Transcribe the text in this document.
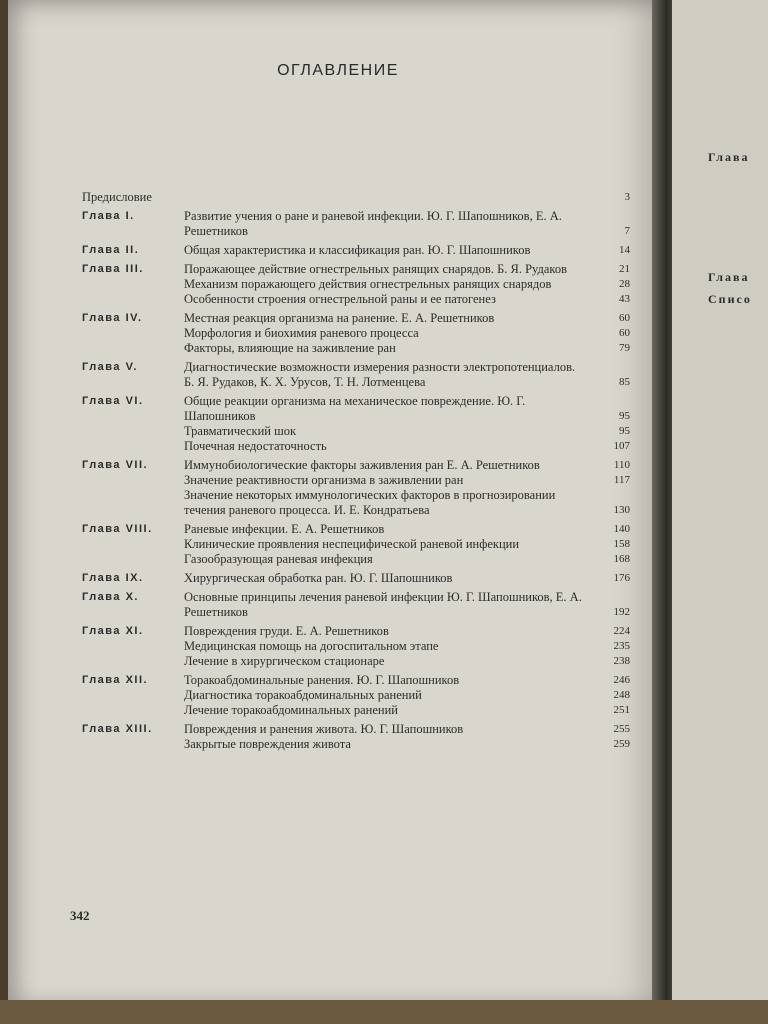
ОГЛАВЛЕНИЕ
Предисловие	3
Глава I.	Развитие учения о ране и раневой инфекции. Ю. Г. Шапошников, Е. А. Решетников	7
Глава II.	Общая характеристика и классификация ран. Ю. Г. Шапошников	14
Глава III.	Поражающее действие огнестрельных ранящих снарядов. Б. Я. Рудаков	21
Механизм поражающего действия огнестрельных ранящих снарядов	28
Особенности строения огнестрельной раны и ее патогенез	43
Глава IV.	Местная реакция организма на ранение. Е. А. Решетников	60
Морфология и биохимия раневого процесса	60
Факторы, влияющие на заживление ран	79
Глава V.	Диагностические возможности измерения разности электропотенциалов. Б. Я. Рудаков, К. Х. Урусов, Т. Н. Лотменцева	85
Глава VI.	Общие реакции организма на механическое повреждение. Ю. Г. Шапошников	95
Травматический шок	95
Почечная недостаточность	107
Глава VII.	Иммунобиологические факторы заживления ран Е. А. Решетников	110
Значение реактивности организма в заживлении ран	117
Значение некоторых иммунологических факторов в прогнозировании течения раневого процесса. И. Е. Кондратьева	130
Глава VIII.	Раневые инфекции. Е. А. Решетников	140
Клинические проявления неспецифической раневой инфекции	158
Газообразующая раневая инфекция	168
Глава IX.	Хирургическая обработка ран. Ю. Г. Шапошников	176
Глава X.	Основные принципы лечения раневой инфекции Ю. Г. Шапошников, Е. А. Решетников	192
Глава XI.	Повреждения груди. Е. А. Решетников	224
Медицинская помощь на догоспитальном этапе	235
Лечение в хирургическом стационаре	238
Глава XII.	Торакоабдоминальные ранения. Ю. Г. Шапошников	246
Диагностика торакоабдоминальных ранений	248
Лечение торакоабдоминальных ранений	251
Глава XIII.	Повреждения и ранения живота. Ю. Г. Шапошников	255
Закрытые повреждения живота	259
342
Глава
Глава
Списо
